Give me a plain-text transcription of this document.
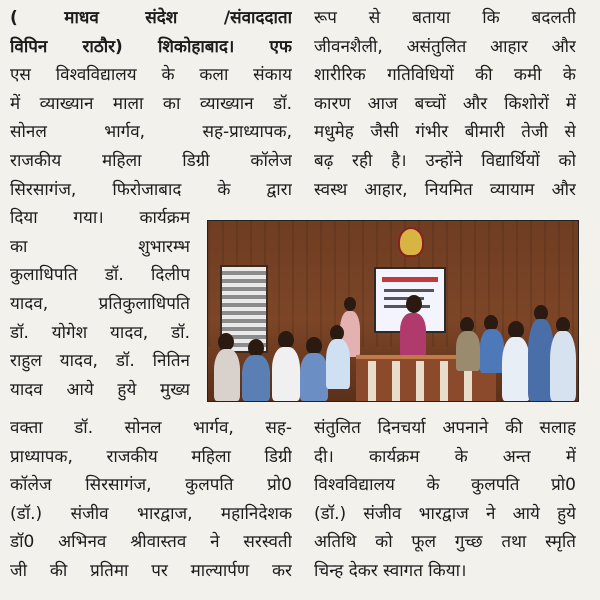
( माधव संदेश /संवाददाता
विपिन राठौर) शिकोहाबाद। एफ
एस विश्वविद्यालय के कला संकाय
में व्याख्यान माला का व्याख्यान डॉ.
सोनल भार्गव, सह-प्राध्यापक,
राजकीय महिला डिग्री कॉलेज
सिरसागंज, फिरोजाबाद के द्वारा
दिया गया। कार्यक्रम
का शुभारम्भ
कुलाधिपति डॉ. दिलीप
यादव, प्रतिकुलाधिपति
डॉ. योगेश यादव, डॉ.
राहुल यादव, डॉ. नितिन
यादव आये हुये मुख्य
वक्ता डॉ. सोनल भार्गव, सह-
प्राध्यापक, राजकीय महिला डिग्री
कॉलेज सिरसागंज, कुलपति प्रो0
(डॉ.) संजीव भारद्वाज, महानिदेशक
डॉ0 अभिनव श्रीवास्तव ने सरस्वती
जी की प्रतिमा पर माल्यार्पण कर
रूप से बताया कि बदलती
जीवनशैली, असंतुलित आहार और
शारीरिक गतिविधियों की कमी के
कारण आज बच्चों और किशोरों में
मधुमेह जैसी गंभीर बीमारी तेजी से
बढ़ रही है। उन्होंने विद्यार्थियों को
स्वस्थ आहार, नियमित व्यायाम और
संतुलित दिनचर्या अपनाने की सलाह
दी। कार्यक्रम के अन्त में
विश्वविद्यालय के कुलपति प्रो0
(डॉ.) संजीव भारद्वाज ने आये हुये
अतिथि को फूल गुच्छ तथा स्मृति
चिन्ह देकर स्वागत किया।
